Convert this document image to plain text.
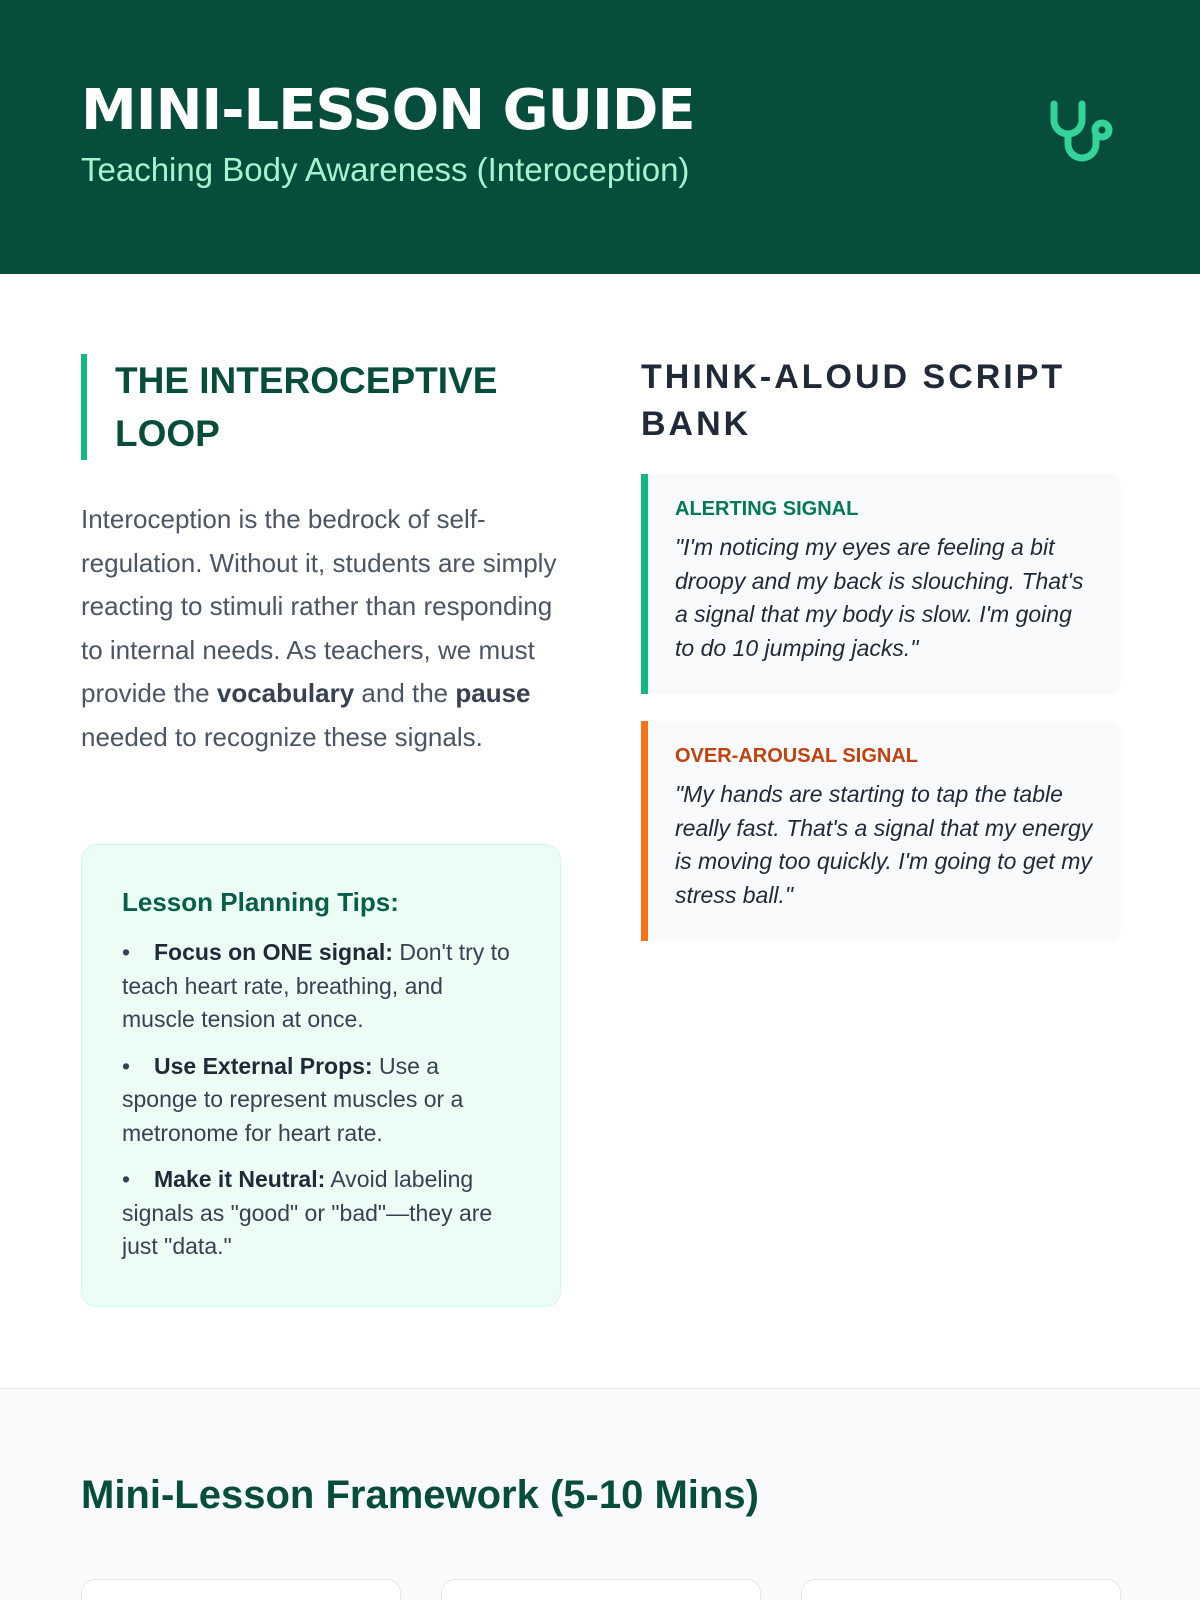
MINI-LESSON GUIDE
Teaching Body Awareness (Interoception)
THE INTEROCEPTIVE LOOP

Interoception is the bedrock of self-regulation. Without it, students are simply reacting to stimuli rather than responding to internal needs. As teachers, we must provide the vocabulary and the pause needed to recognize these signals.

Lesson Planning Tips:
• Focus on ONE signal: Don't try to teach heart rate, breathing, and muscle tension at once.
• Use External Props: Use a sponge to represent muscles or a metronome for heart rate.
• Make it Neutral: Avoid labeling signals as "good" or "bad"—they are just "data."
THINK-ALOUD SCRIPT BANK
ALERTING SIGNAL
"I'm noticing my eyes are feeling a bit droopy and my back is slouching. That's a signal that my body is slow. I'm going to do 10 jumping jacks."
OVER-AROUSAL SIGNAL
"My hands are starting to tap the table really fast. That's a signal that my energy is moving too quickly. I'm going to get my stress ball."
Mini-Lesson Framework (5-10 Mins)
